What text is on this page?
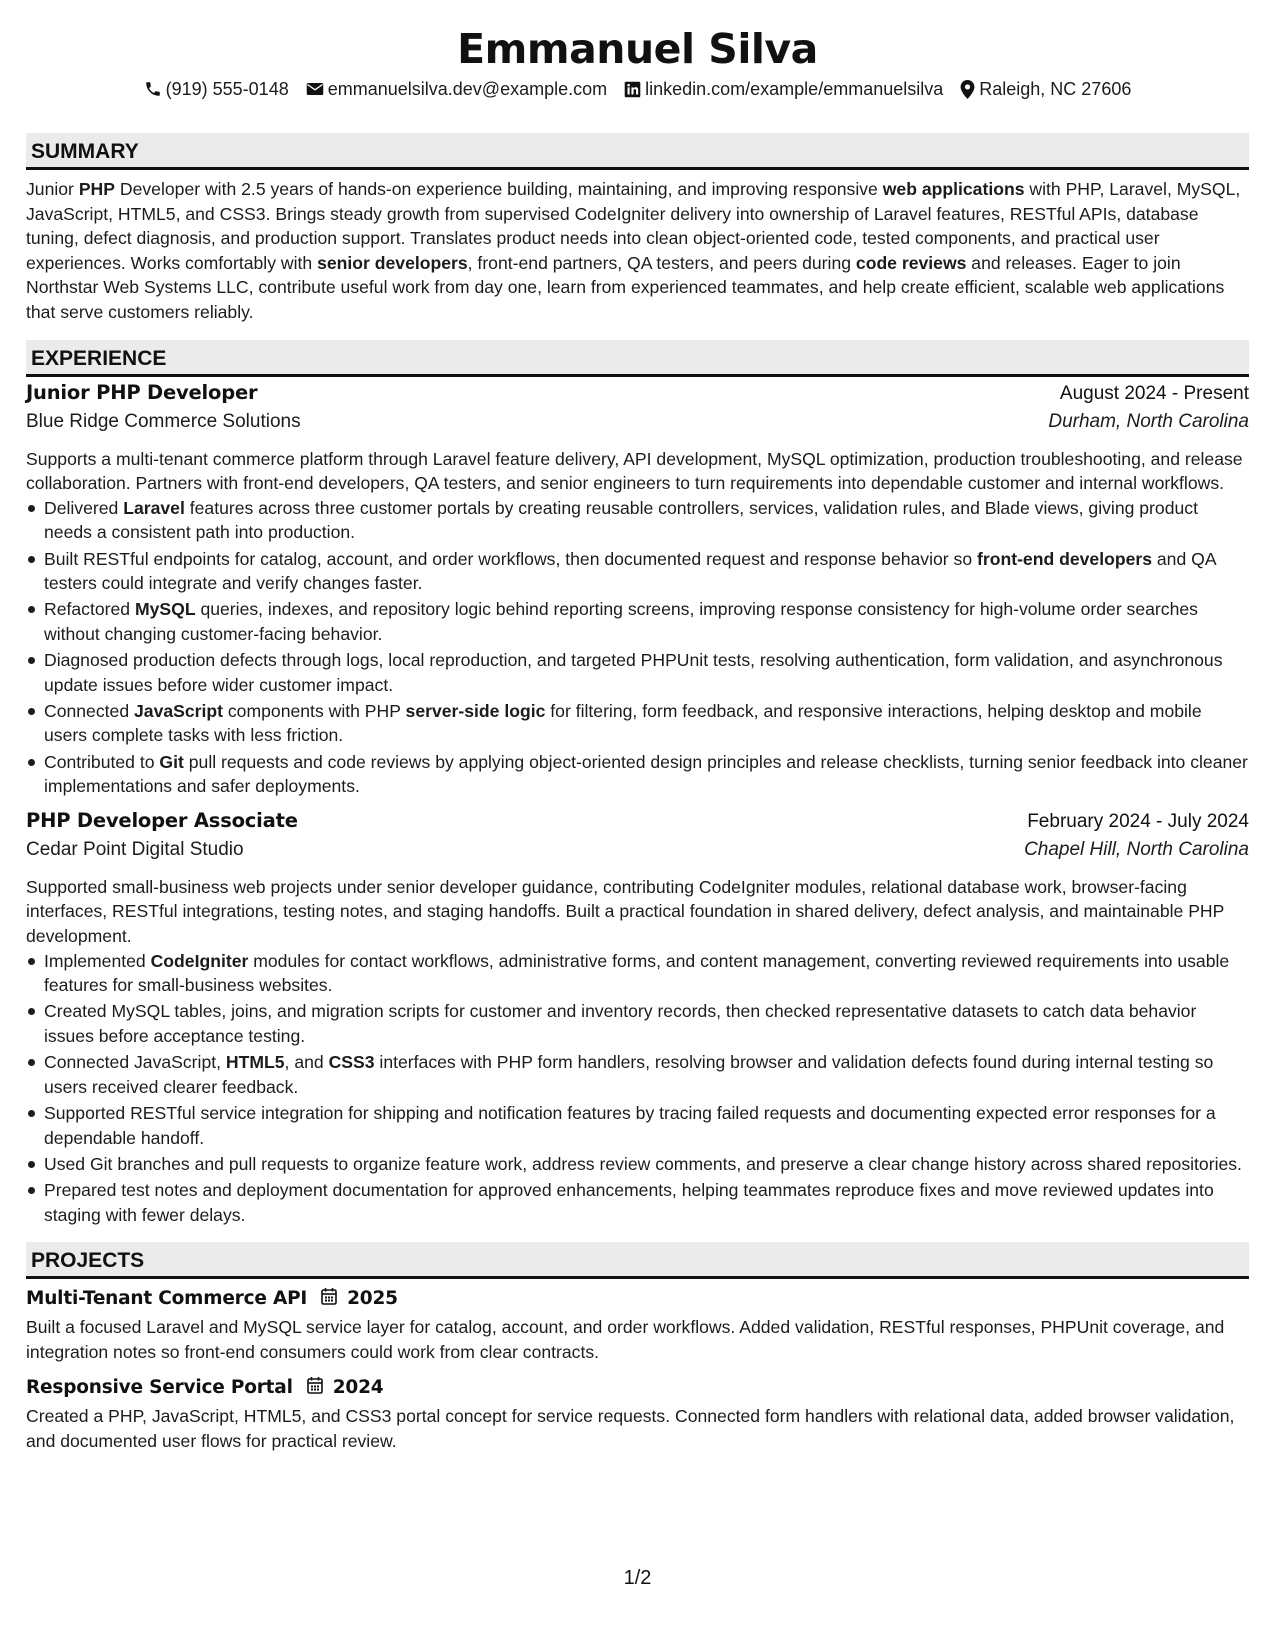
Emmanuel Silva
(919) 555-0148 emmanuelsilva.dev@example.com linkedin.com/example/emmanuelsilva Raleigh, NC 27606
SUMMARY

Junior PHP Developer with 2.5 years of hands-on experience building, maintaining, and improving responsive web applications with PHP, Laravel, MySQL, JavaScript, HTML5, and CSS3. Brings steady growth from supervised CodeIgniter delivery into ownership of Laravel features, RESTful APIs, database tuning, defect diagnosis, and production support. Translates product needs into clean object-oriented code, tested components, and practical user experiences. Works comfortably with senior developers, front-end partners, QA testers, and peers during code reviews and releases. Eager to join Northstar Web Systems LLC, contribute useful work from day one, learn from experienced teammates, and help create efficient, scalable web applications that serve customers reliably.

EXPERIENCE
Junior PHP Developer	August 2024 - Present
Blue Ridge Commerce Solutions	Durham, North Carolina

Supports a multi-tenant commerce platform through Laravel feature delivery, API development, MySQL optimization, production troubleshooting, and release collaboration. Partners with front-end developers, QA testers, and senior engineers to turn requirements into dependable customer and internal workflows.

Delivered Laravel features across three customer portals by creating reusable controllers, services, validation rules, and Blade views, giving product needs a consistent path into production.
Built RESTful endpoints for catalog, account, and order workflows, then documented request and response behavior so front-end developers and QA testers could integrate and verify changes faster.
Refactored MySQL queries, indexes, and repository logic behind reporting screens, improving response consistency for high-volume order searches without changing customer-facing behavior.
Diagnosed production defects through logs, local reproduction, and targeted PHPUnit tests, resolving authentication, form validation, and asynchronous update issues before wider customer impact.
Connected JavaScript components with PHP server-side logic for filtering, form feedback, and responsive interactions, helping desktop and mobile users complete tasks with less friction.
Contributed to Git pull requests and code reviews by applying object-oriented design principles and release checklists, turning senior feedback into cleaner implementations and safer deployments.
PHP Developer Associate	February 2024 - July 2024
Cedar Point Digital Studio	Chapel Hill, North Carolina

Supported small-business web projects under senior developer guidance, contributing CodeIgniter modules, relational database work, browser-facing interfaces, RESTful integrations, testing notes, and staging handoffs. Built a practical foundation in shared delivery, defect analysis, and maintainable PHP development.

Implemented CodeIgniter modules for contact workflows, administrative forms, and content management, converting reviewed requirements into usable features for small-business websites.
Created MySQL tables, joins, and migration scripts for customer and inventory records, then checked representative datasets to catch data behavior issues before acceptance testing.
Connected JavaScript, HTML5, and CSS3 interfaces with PHP form handlers, resolving browser and validation defects found during internal testing so users received clearer feedback.
Supported RESTful service integration for shipping and notification features by tracing failed requests and documenting expected error responses for a dependable handoff.
Used Git branches and pull requests to organize feature work, address review comments, and preserve a clear change history across shared repositories.
Prepared test notes and deployment documentation for approved enhancements, helping teammates reproduce fixes and move reviewed updates into staging with fewer delays.
PROJECTS
Multi-Tenant Commerce API 2025

Built a focused Laravel and MySQL service layer for catalog, account, and order workflows. Added validation, RESTful responses, PHPUnit coverage, and integration notes so front-end consumers could work from clear contracts.

Responsive Service Portal 2024

Created a PHP, JavaScript, HTML5, and CSS3 portal concept for service requests. Connected form handlers with relational data, added browser validation, and documented user flows for practical review.

1/2
